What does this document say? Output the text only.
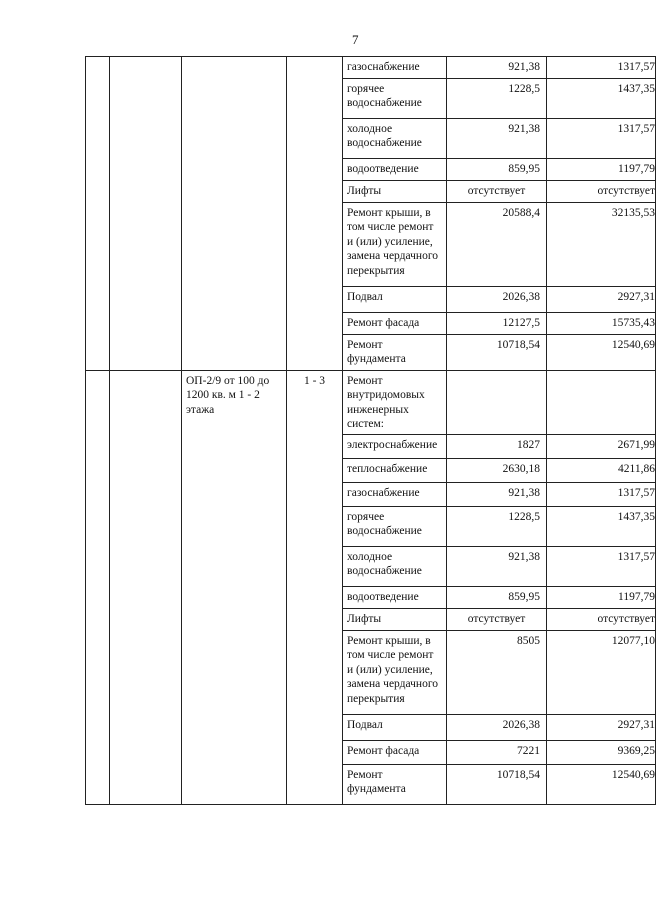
7
				газоснабжение	921,38	1317,57
				горячее водоснабжение	1228,5	1437,35
				холодное водоснабжение	921,38	1317,57
				водоотведение	859,95	1197,79
				Лифты	отсутствует	отсутствует
				Ремонт крыши, в том числе ремонт и (или) усиление, замена чердачного перекрытия	20588,4	32135,53
				Подвал	2026,38	2927,31
				Ремонт фасада	12127,5	15735,43
				Ремонт фундамента	10718,54	12540,69
		ОП-2/9 от 100 до 1200 кв. м 1 - 2 этажа	1 - 3	Ремонт внутридомовых инженерных систем:		
				электроснабжение	1827	2671,99
				теплоснабжение	2630,18	4211,86
				газоснабжение	921,38	1317,57
				горячее водоснабжение	1228,5	1437,35
				холодное водоснабжение	921,38	1317,57
				водоотведение	859,95	1197,79
				Лифты	отсутствует	отсутствует
				Ремонт крыши, в том числе ремонт и (или) усиление, замена чердачного перекрытия	8505	12077,10
				Подвал	2026,38	2927,31
				Ремонт фасада	7221	9369,25
				Ремонт фундамента	10718,54	12540,69
